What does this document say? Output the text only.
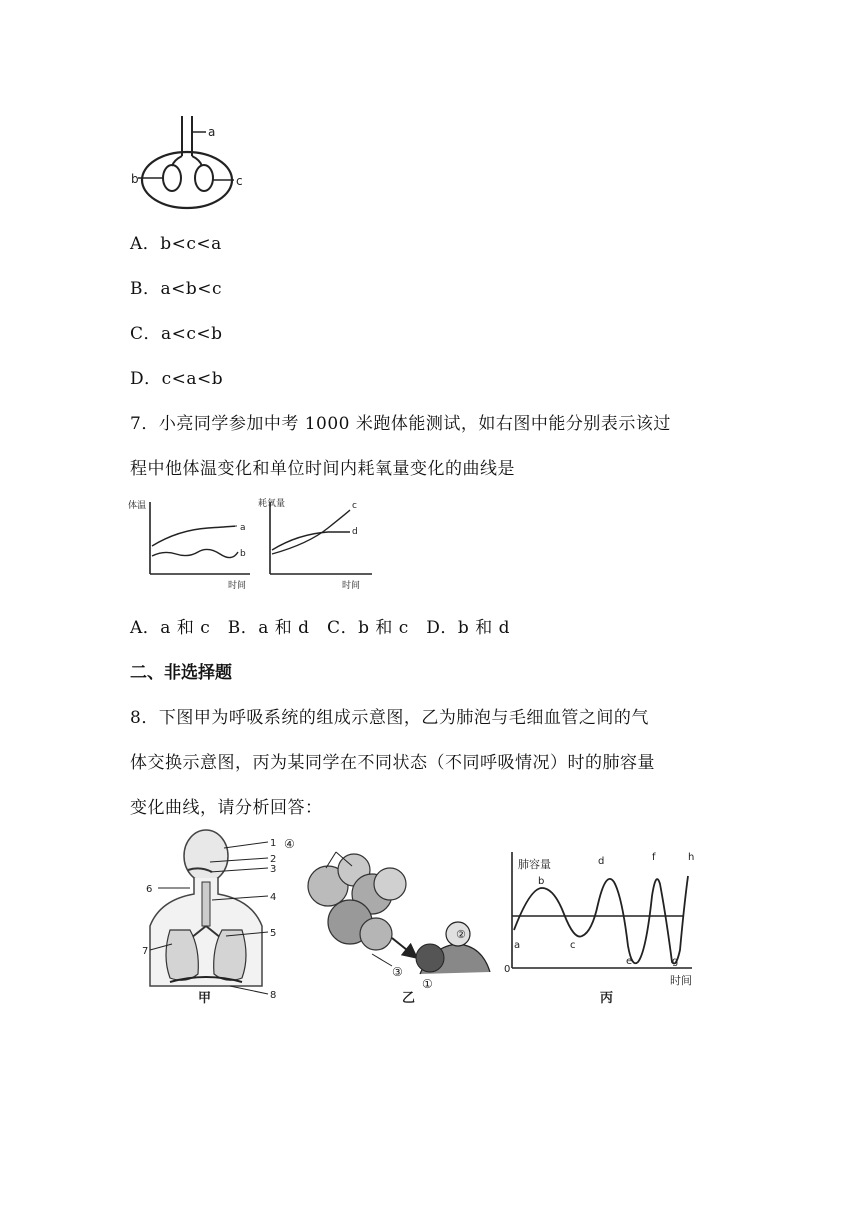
a
b	c
A．b<c<a
B．a<b<c
C．a<c<b
D．c<a<b
7．小亮同学参加中考 1000 米跑体能测试，如右图中能分别表示该过
程中他体温变化和单位时间内耗氧量变化的曲线是
体温
时间
a
b
耗氧量
时间
c
d
A．a 和 c　B．a 和 d　C．b 和 c　D．b 和 d
二、非选择题
8．下图甲为呼吸系统的组成示意图，乙为肺泡与毛细血管之间的气
体交换示意图，丙为某同学在不同状态（不同呼吸情况）时的肺容量
变化曲线，请分析回答：
1
2
3
4
5
6
7
8
甲
④
②
③
①
乙
肺容量
时间
0
a
b
c
d
e
f
g
h
丙
